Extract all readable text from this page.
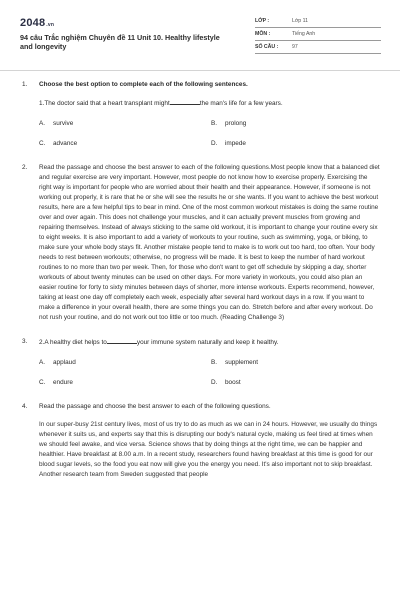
2048.vn
94 câu Trắc nghiệm Chuyên đề 11 Unit 10. Healthy lifestyle and longevity
LỚP :	Lớp 11
MÔN :	Tiếng Anh
SỐ CÂU :	97
1. Choose the best option to complete each of the following sentences.

1.The doctor said that a heart transplant might	the man's life for a few years.

A. survive	B. prolong
C. advance	D. impede
2. Read the passage and choose the best answer to each of the following questions.Most people know that a balanced diet and regular exercise are very important. However, most people do not know how to exercise properly. Exercising the right way is important for people who are worried about their health and their appearance. However, if someone is not working out properly, it is rare that he or she will see the results he or she wants. If you want to achieve the best workout results, here are a few helpful tips to bear in mind. One of the most common workout mistakes is doing the same routine over and over again. This does not challenge your muscles, and it can actually prevent muscles from growing and repairing themselves. Instead of always sticking to the same old workout, it is important to change your routine every six to eight weeks. It is also important to add a variety of workouts to your routine, such as swimming, yoga, or biking, to make sure your whole body stays fit. Another mistake people tend to make is to work out too hard, too often. Your body needs to rest between workouts; otherwise, no progress will be made. It is best to keep the number of hard workout routines to no more than two per week. Then, for those who don't want to get off schedule by skipping a day, shorter workouts of about twenty minutes can be used on other days. For more variety in workouts, you could also plan an easier routine for forty to sixty minutes between days of shorter, more intense workouts. Experts recommend, however, taking at least one day off completely each week, especially after several hard workout days in a row. If you want to make a difference in your overall health, there are some things you can do. Stretch before and after every workout. Do not rush your routine, and do not work out too little or too much. (Reading Challenge 3)
3. 2.A healthy diet helps to	your immune system naturally and keep it healthy.
A. applaud	B. supplement
C. endure	D. boost
4. Read the passage and choose the best answer to each of the following questions.

In our super-busy 21st century lives, most of us try to do as much as we can in 24 hours. However, we usually do things whenever it suits us, and experts say that this is disrupting our body's natural cycle, making us feel tired at times when we should feel awake, and vice versa. Science shows that by doing things at the right time, we can be happier and healthier. Have breakfast at 8.00 a.m. In a recent study, researchers found having breakfast at this time is good for our blood sugar levels, so the food you eat now will give you the energy you need. It's also important not to skip breakfast. Another research team from Sweden suggested that people
